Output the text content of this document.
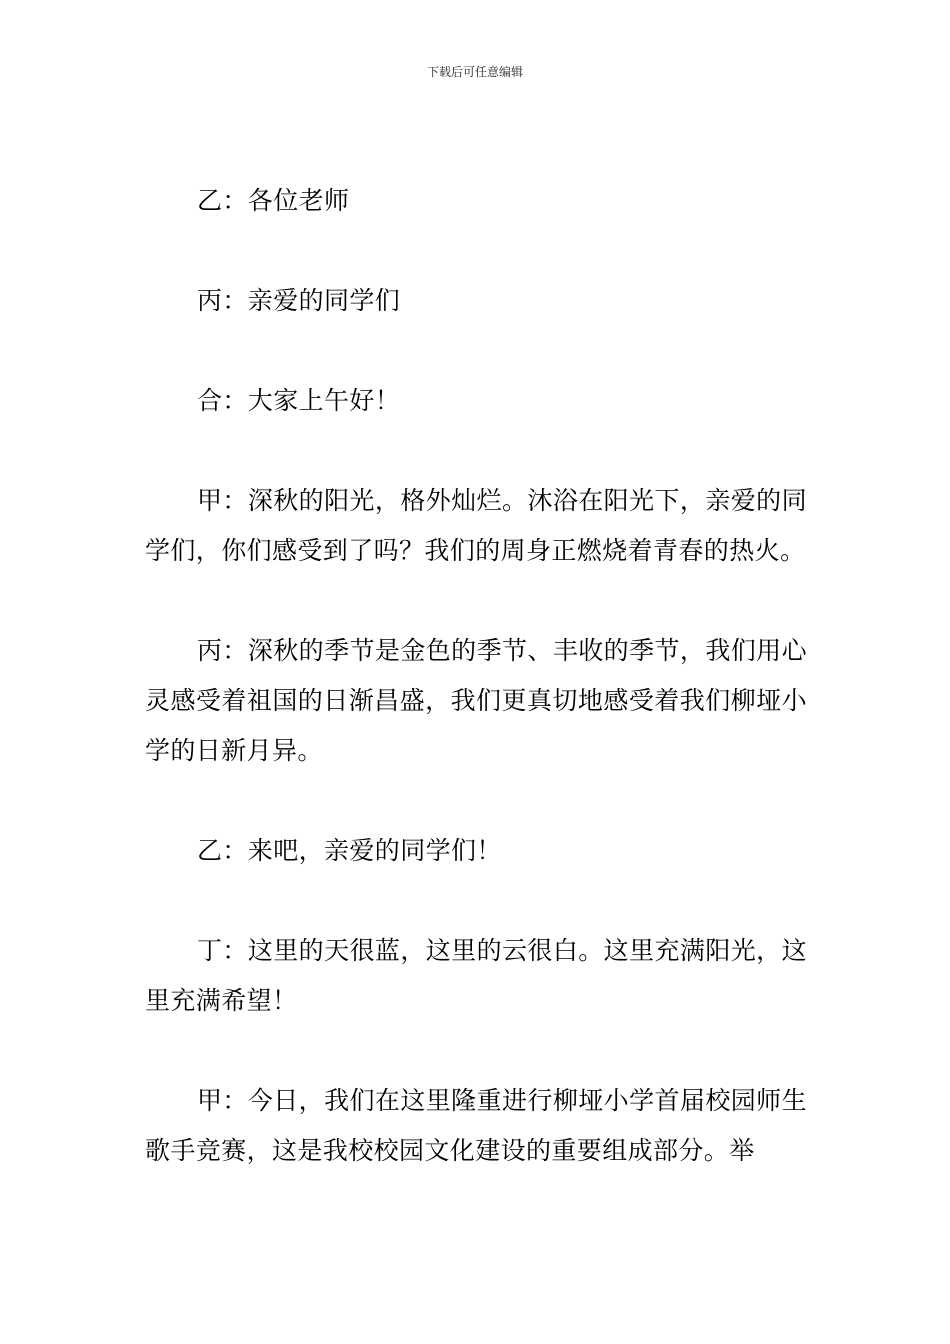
下载后可任意编辑

乙：各位老师

丙：亲爱的同学们

合：大家上午好！

甲：深秋的阳光，格外灿烂。沐浴在阳光下，亲爱的同学们，你们感受到了吗？我们的周身正燃烧着青春的热火。

丙：深秋的季节是金色的季节、丰收的季节，我们用心灵感受着祖国的日渐昌盛，我们更真切地感受着我们柳垭小学的日新月异。

乙：来吧，亲爱的同学们！

丁：这里的天很蓝，这里的云很白。这里充满阳光，这里充满希望！

甲：今日，我们在这里隆重进行柳垭小学首届校园师生歌手竞赛，这是我校校园文化建设的重要组成部分。举
